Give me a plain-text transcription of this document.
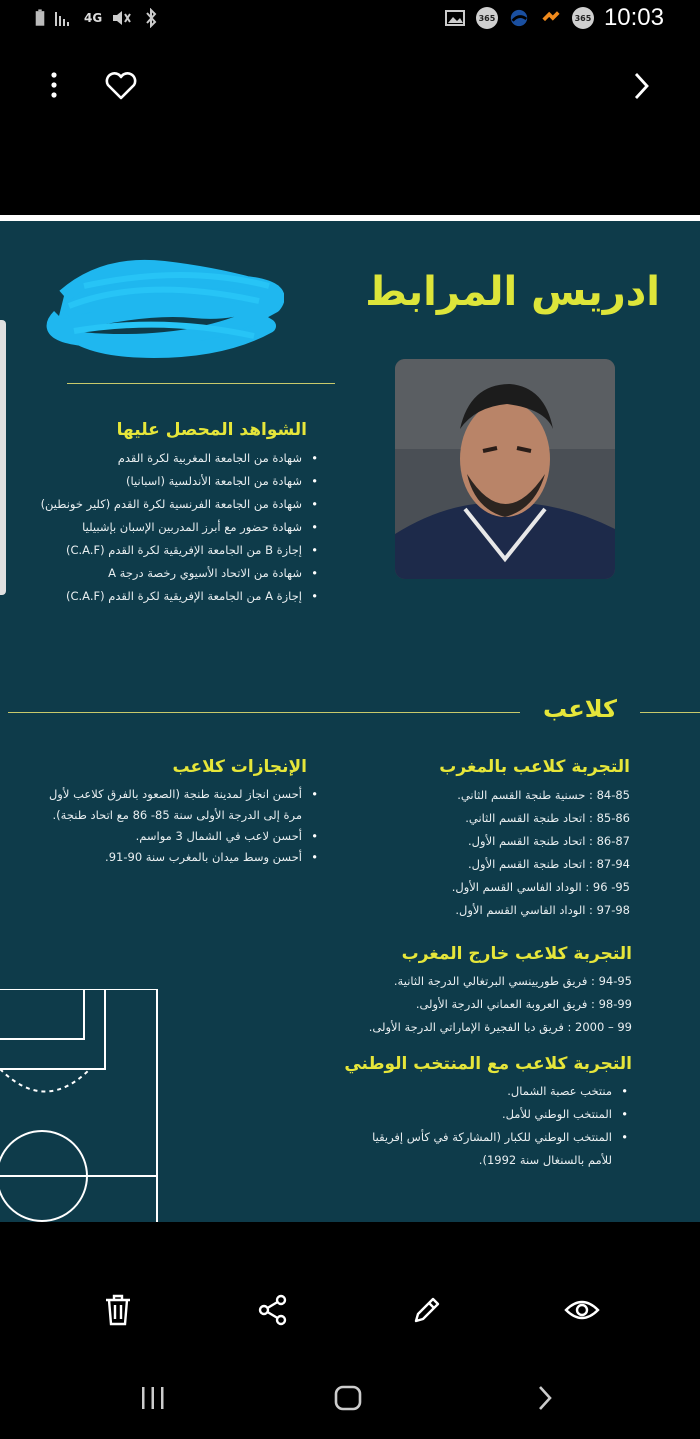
4G	365	365 10:03
ادريس المرابط
الشواهد المحصل عليها
• شهادة من الجامعة المغربية لكرة القدم
• شهادة من الجامعة الأندلسية (اسبانيا)
• شهادة من الجامعة الفرنسية لكرة القدم (كلير خونطين)
• شهادة حضور مع أبرز المدربين الإسبان بإشبيليا
• إجازة B من الجامعة الإفريقية لكرة القدم (C.A.F)
• شهادة من الاتحاد الأسيوي رخصة درجة A
• إجازة A من الجامعة الإفريقية لكرة القدم (C.A.F)
كلاعب
الإنجازات كلاعب
• أحسن انجاز لمدينة طنجة (الصعود بالفرق كلاعب لأول مرة إلى الدرجة الأولى سنة 85- 86 مع اتحاد طنجة).
• أحسن لاعب في الشمال 3 مواسم.
• أحسن وسط ميدان بالمغرب سنة 90-91.
التجربة كلاعب بالمغرب
84-85 : حسنية طنجة القسم الثاني.
85-86 : اتحاد طنجة القسم الثاني.
86-87 : اتحاد طنجة القسم الأول.
87-94 : اتحاد طنجة القسم الأول.
95- 96 : الوداد الفاسي القسم الأول.
97-98 : الوداد الفاسي القسم الأول.
التجربة كلاعب خارج المغرب
94-95 : فريق طوريينسي البرتغالي الدرجة الثانية.
98-99 : فريق العروبة العماني الدرجة الأولى.
99 – 2000 : فريق دبا الفجيرة الإماراتي الدرجة الأولى.
التجربة كلاعب مع المنتخب الوطني
• منتخب عصبة الشمال.
• المنتخب الوطني للأمل.
• المنتخب الوطني للكبار (المشاركة في كأس إفريقيا للأمم بالسنغال سنة 1992).
